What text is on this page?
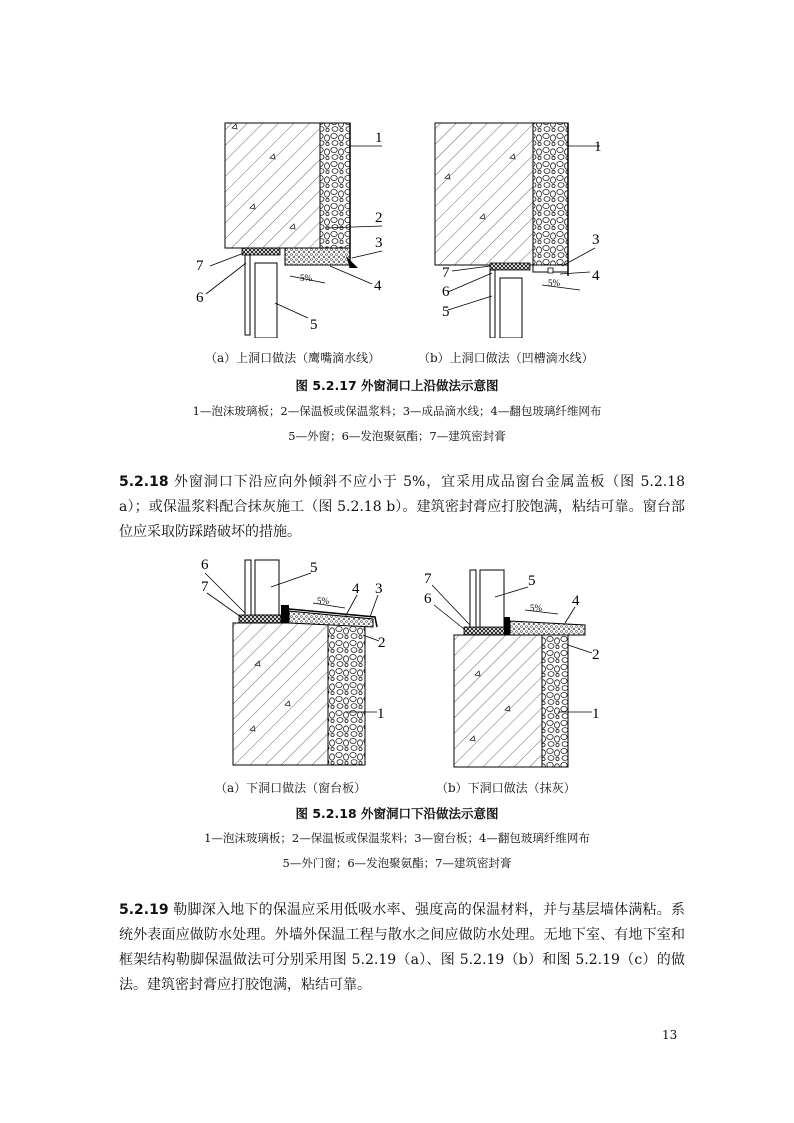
5%
1
2
3
4
5
6
7
（a）上洞口做法（鹰嘴滴水线）
5%
1
3
4
5
6
7
（b）上洞口做法（凹槽滴水线）
图 5.2.17 外窗洞口上沿做法示意图
1—泡沫玻璃板；2—保温板或保温浆料；3—成品滴水线；4—翻包玻璃纤维网布
5—外窗；6—发泡聚氨酯；7—建筑密封膏
5.2.18 外窗洞口下沿应向外倾斜不应小于 5%，宜采用成品窗台金属盖板（图 5.2.18 a）；或保温浆料配合抹灰施工（图 5.2.18 b）。建筑密封膏应打胶饱满，粘结可靠。窗台部位应采取防踩踏破坏的措施。
5%
6
7
5
4 3
2
1
（a）下洞口做法（窗台板）
5%
7
6
5
4
2
1
（b）下洞口做法（抹灰）
图 5.2.18 外窗洞口下沿做法示意图
1—泡沫玻璃板；2—保温板或保温浆料；3—窗台板；4—翻包玻璃纤维网布
5—外门窗；6—发泡聚氨酯；7—建筑密封膏
5.2.19 勒脚深入地下的保温应采用低吸水率、强度高的保温材料，并与基层墙体满粘。系统外表面应做防水处理。外墙外保温工程与散水之间应做防水处理。无地下室、有地下室和框架结构勒脚保温做法可分别采用图 5.2.19（a）、图 5.2.19（b）和图 5.2.19（c）的做法。建筑密封膏应打胶饱满，粘结可靠。
13
